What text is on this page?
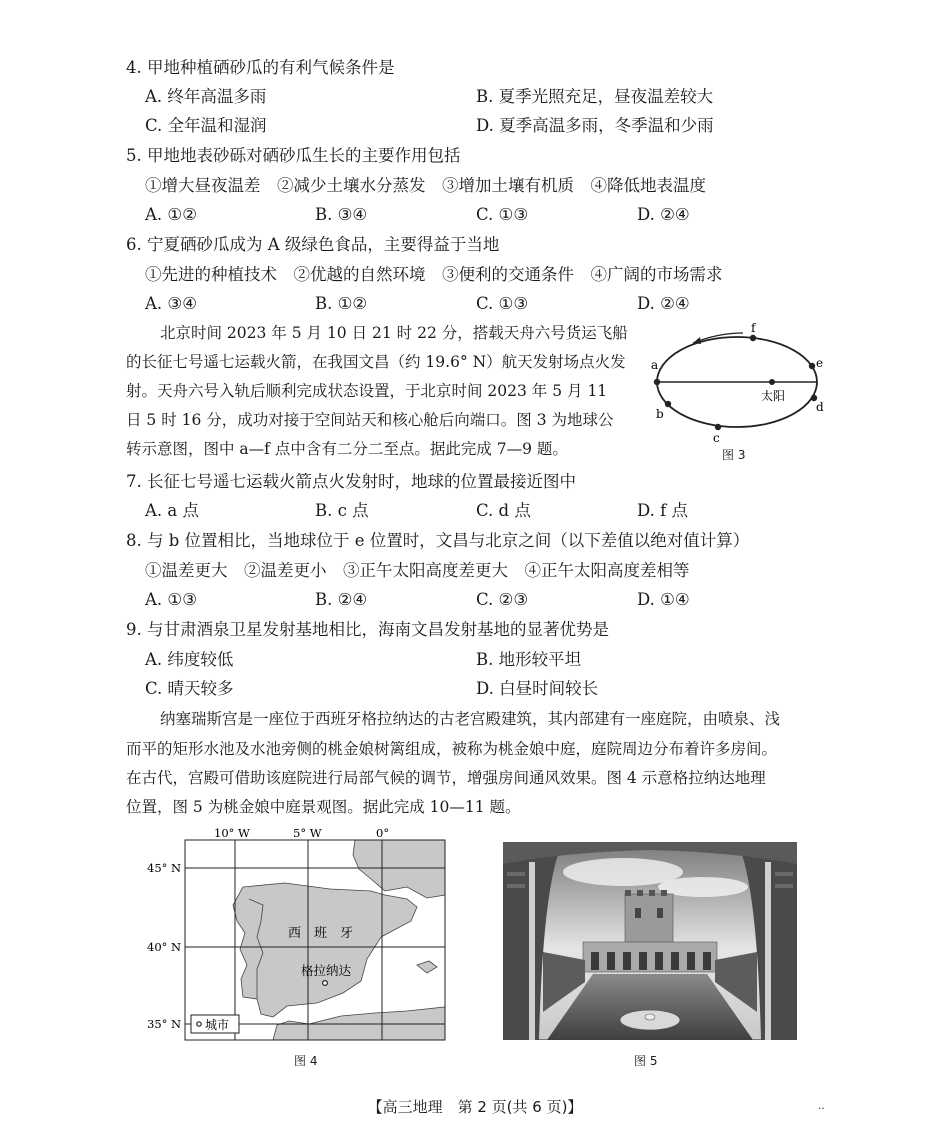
4. 甲地种植硒砂瓜的有利气候条件是
A. 终年高温多雨	B. 夏季光照充足，昼夜温差较大
C. 全年温和湿润	D. 夏季高温多雨，冬季温和少雨
5. 甲地地表砂砾对硒砂瓜生长的主要作用包括
①增大昼夜温差　②减少土壤水分蒸发　③增加土壤有机质　④降低地表温度
A. ①②	B. ③④	C. ①③	D. ②④
6. 宁夏硒砂瓜成为 A 级绿色食品，主要得益于当地
①先进的种植技术　②优越的自然环境　③便利的交通条件　④广阔的市场需求
A. ③④	B. ①②	C. ①③	D. ②④
北京时间 2023 年 5 月 10 日 21 时 22 分，搭载天舟六号货运飞船
的长征七号遥七运载火箭，在我国文昌（约 19.6° N）航天发射场点火发
射。天舟六号入轨后顺利完成状态设置，于北京时间 2023 年 5 月 11
日 5 时 16 分，成功对接于空间站天和核心舱后向端口。图 3 为地球公
转示意图，图中 a—f 点中含有二分二至点。据此完成 7—9 题。
太阳
a
b
c
d
e
f
图 3
7. 长征七号遥七运载火箭点火发射时，地球的位置最接近图中
A. a 点	B. c 点	C. d 点	D. f 点
8. 与 b 位置相比，当地球位于 e 位置时，文昌与北京之间（以下差值以绝对值计算）
①温差更大　②温差更小　③正午太阳高度差更大　④正午太阳高度差相等
A. ①③	B. ②④	C. ②③	D. ①④
9. 与甘肃酒泉卫星发射基地相比，海南文昌发射基地的显著优势是
A. 纬度较低	B. 地形较平坦
C. 晴天较多	D. 白昼时间较长
纳塞瑞斯宫是一座位于西班牙格拉纳达的古老宫殿建筑，其内部建有一座庭院，由喷泉、浅
而平的矩形水池及水池旁侧的桃金娘树篱组成，被称为桃金娘中庭，庭院周边分布着许多房间。
在古代，宫殿可借助该庭院进行局部气候的调节，增强房间通风效果。图 4 示意格拉纳达地理
位置，图 5 为桃金娘中庭景观图。据此完成 10—11 题。
10° W	5° W	0°
45° N
40° N
35° N
西　班　牙
格拉纳达
城市
图 4	图 5
【高三地理　第 2 页(共 6 页)】	‥
